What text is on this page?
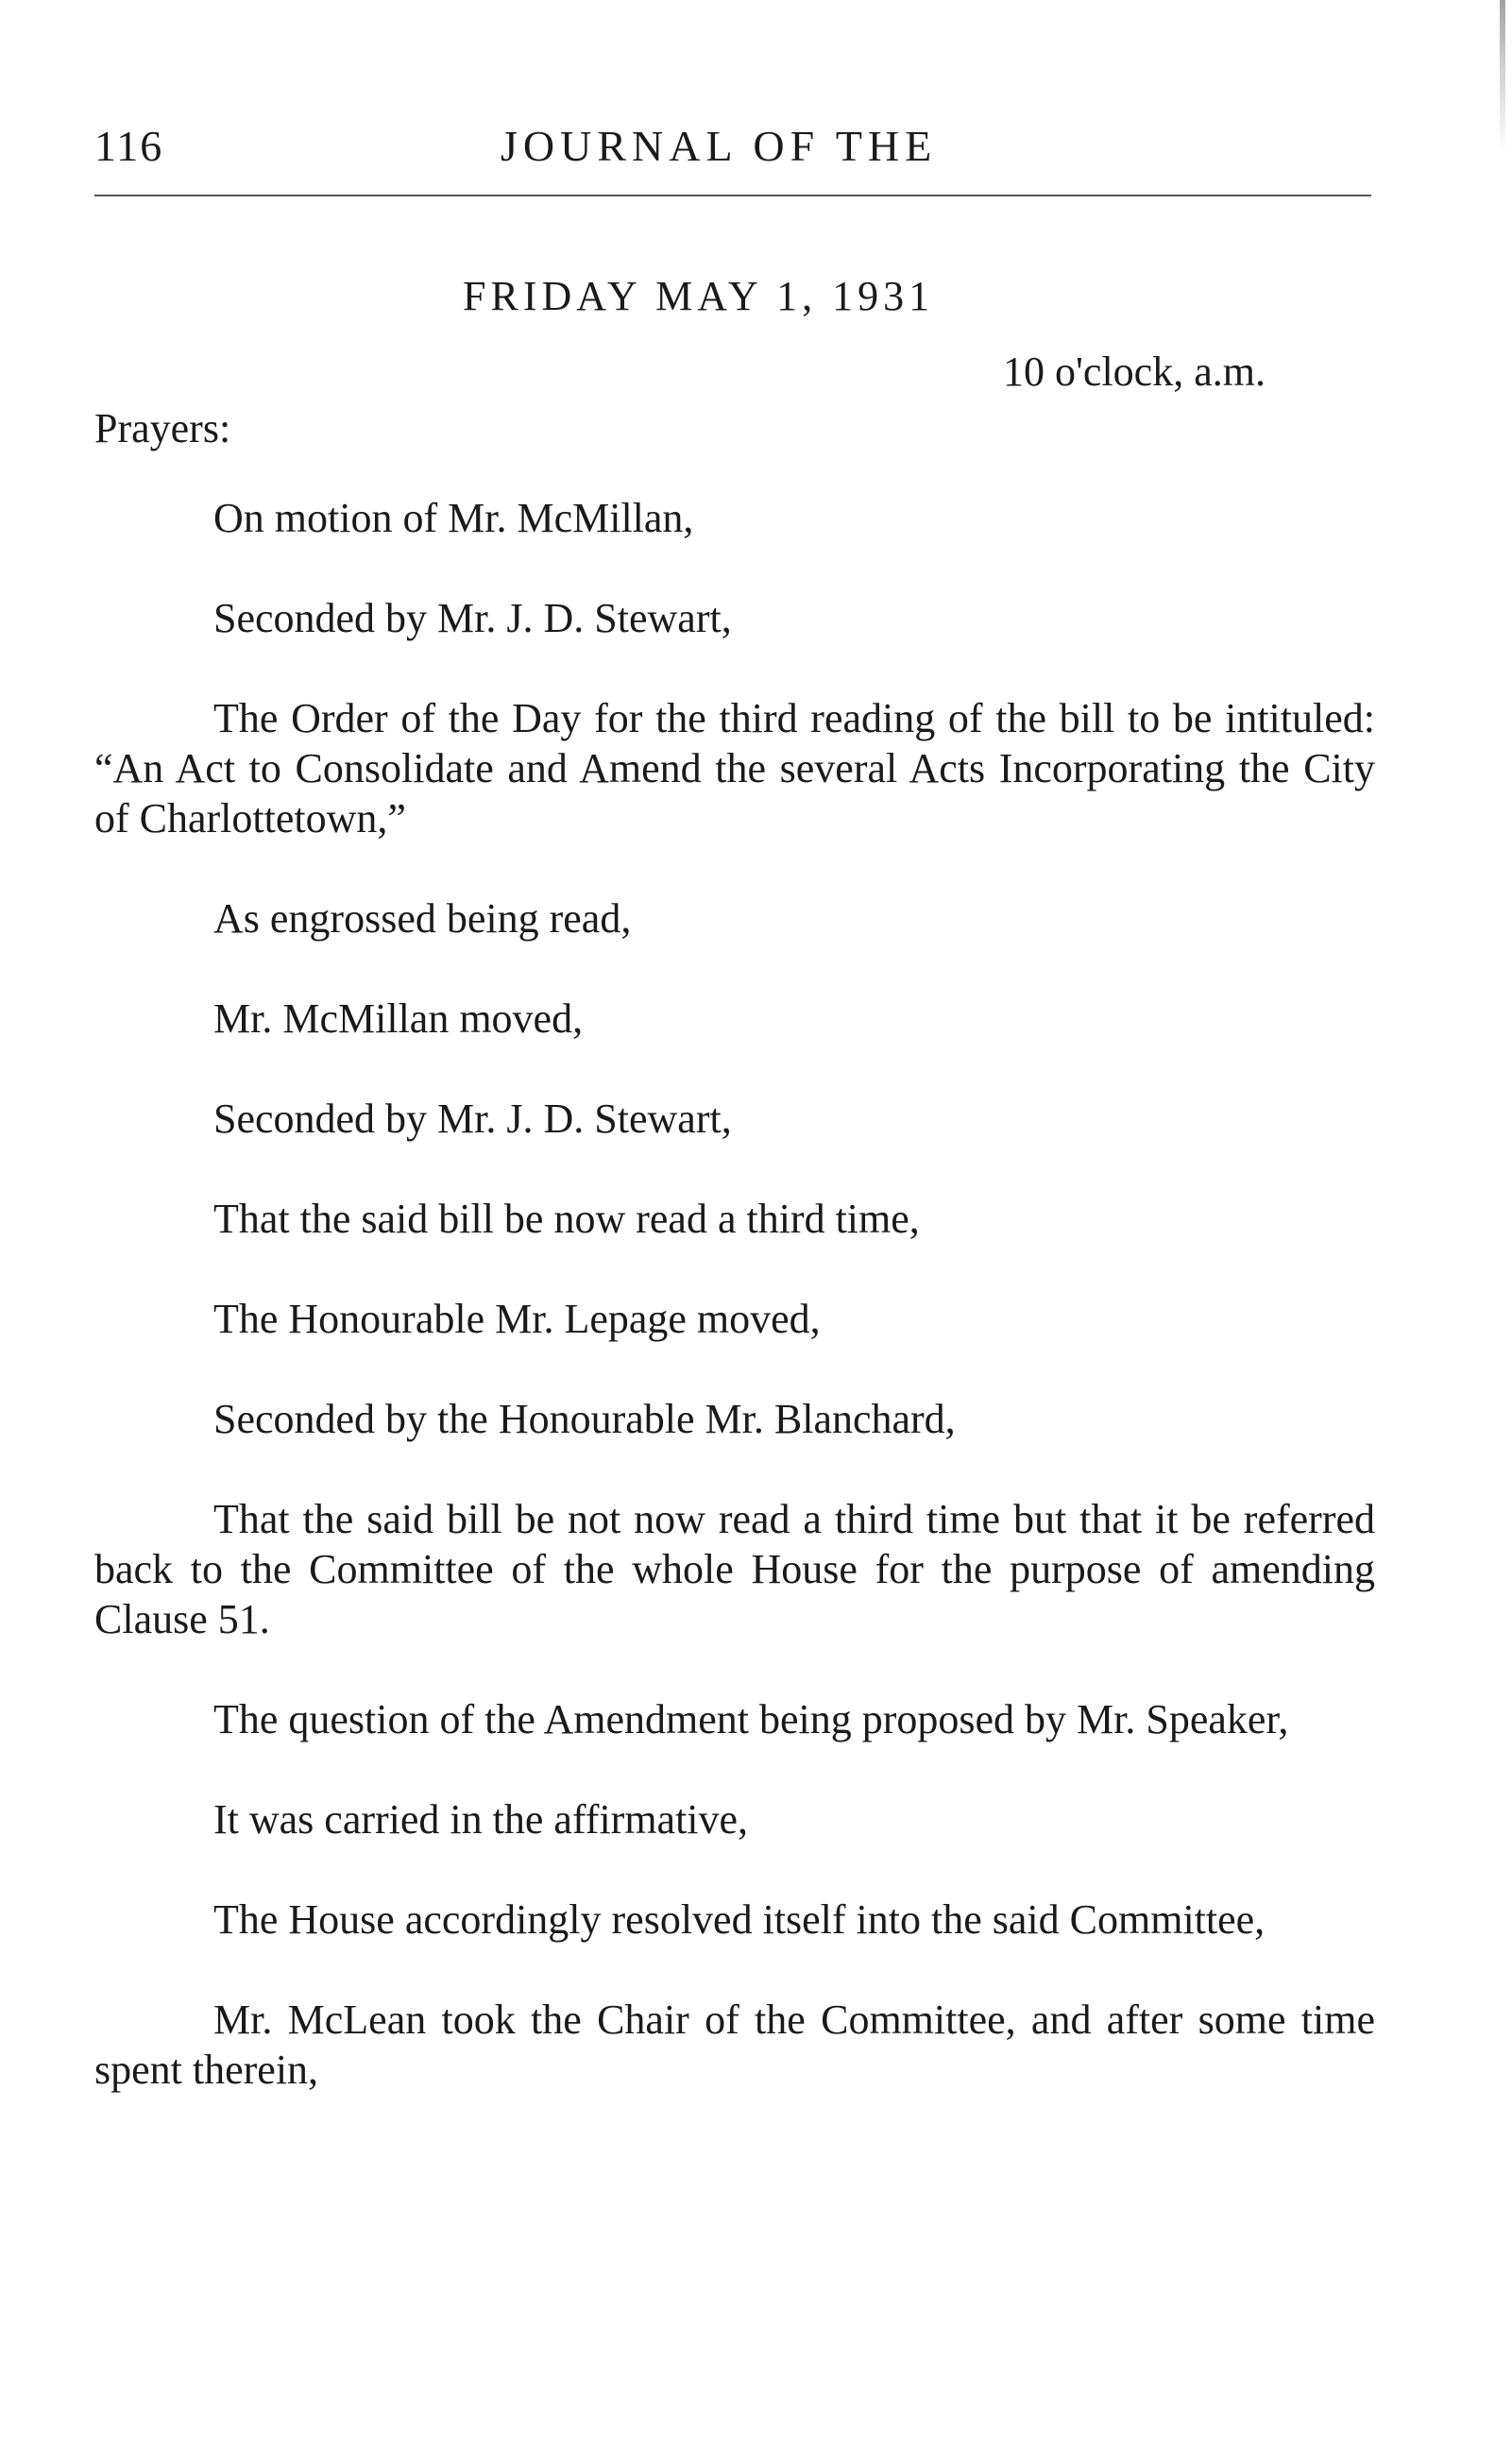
116	JOURNAL OF THE
FRIDAY MAY 1, 1931
10 o'clock, a.m.
Prayers:

On motion of Mr. McMillan,

Seconded by Mr. J. D. Stewart,

The Order of the Day for the third reading of the bill to be intituled: “An Act to Consolidate and Amend the several Acts Incorporating the City of Charlottetown,”

As engrossed being read,

Mr. McMillan moved,

Seconded by Mr. J. D. Stewart,

That the said bill be now read a third time,

The Honourable Mr. Lepage moved,

Seconded by the Honourable Mr. Blanchard,

That the said bill be not now read a third time but that it be referred back to the Committee of the whole House for the purpose of amending Clause 51.

The question of the Amendment being proposed by Mr. Speaker,

It was carried in the affirmative,

The House accordingly resolved itself into the said Committee,

Mr. McLean took the Chair of the Committee, and after some time spent therein,
